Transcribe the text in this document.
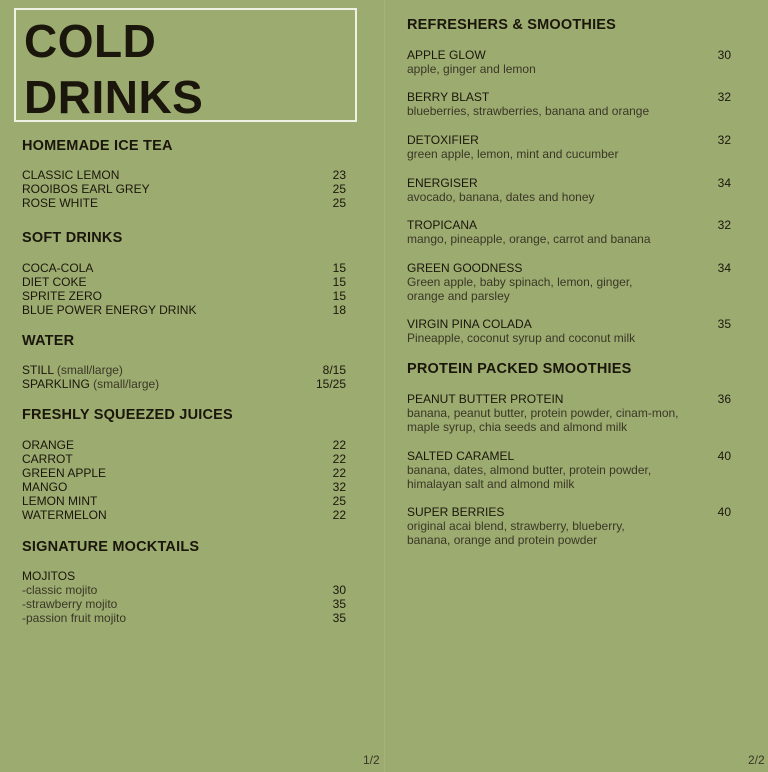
COLD
DRINKS
HOMEMADE ICE TEA
CLASSIC LEMON	23
ROOIBOS EARL GREY	25
ROSE WHITE	25
SOFT DRINKS
COCA-COLA	15
DIET COKE	15
SPRITE ZERO	15
BLUE POWER ENERGY DRINK	18
WATER
STILL (small/large)	8/15
SPARKLING (small/large)	15/25
FRESHLY SQUEEZED JUICES
ORANGE	22
CARROT	22
GREEN APPLE	22
MANGO	32
LEMON MINT	25
WATERMELON	22
SIGNATURE MOCKTAILS
MOJITOS
-classic mojito	30
-strawberry mojito	35
-passion fruit mojito	35
1/2
REFRESHERS & SMOOTHIES
APPLE GLOW	30
apple, ginger and lemon
BERRY BLAST	32
blueberries, strawberries, banana and orange
DETOXIFIER	32
green apple, lemon, mint and cucumber
ENERGISER	34
avocado, banana, dates and honey
TROPICANA	32
mango, pineapple, orange, carrot and banana
GREEN GOODNESS	34
Green apple, baby spinach, lemon, ginger, orange and parsley
VIRGIN PINA COLADA	35
Pineapple, coconut syrup and coconut milk
PROTEIN PACKED SMOOTHIES
PEANUT BUTTER PROTEIN	36
banana, peanut butter, protein powder, cinam-mon, maple syrup, chia seeds and almond milk
SALTED CARAMEL	40
banana, dates, almond butter, protein powder, himalayan salt and almond milk
SUPER BERRIES	40
original acai blend, strawberry, blueberry, banana, orange and protein powder
2/2
